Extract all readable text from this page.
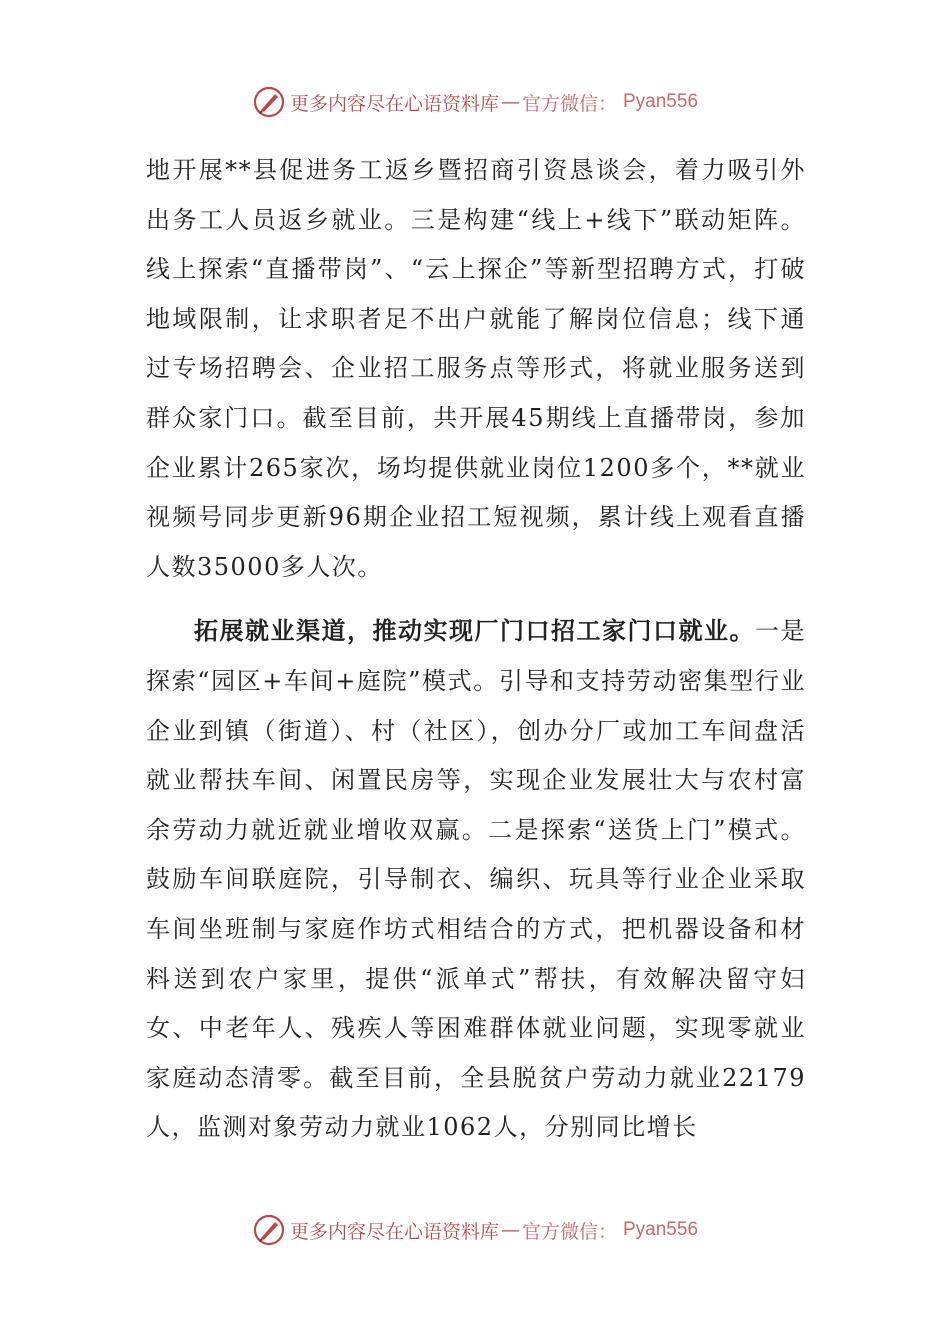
更多内容尽在心语资料库 — 官方微信： Pyan556

地开展**县促进务工返乡暨招商引资恳谈会，着力吸引外出务工人员返乡就业。三是构建“线上+线下”联动矩阵。线上探索“直播带岗”、“云上探企”等新型招聘方式，打破地域限制，让求职者足不出户就能了解岗位信息；线下通过专场招聘会、企业招工服务点等形式，将就业服务送到群众家门口。截至目前，共开展45期线上直播带岗，参加企业累计265家次，场均提供就业岗位1200多个，**就业视频号同步更新96期企业招工短视频，累计线上观看直播人数35000多人次。

拓展就业渠道，推动实现厂门口招工家门口就业。一是探索“园区+车间+庭院”模式。引导和支持劳动密集型行业企业到镇（街道）、村（社区），创办分厂或加工车间盘活就业帮扶车间、闲置民房等，实现企业发展壮大与农村富余劳动力就近就业增收双赢。二是探索“送货上门”模式。鼓励车间联庭院，引导制衣、编织、玩具等行业企业采取车间坐班制与家庭作坊式相结合的方式，把机器设备和材料送到农户家里，提供“派单式”帮扶，有效解决留守妇女、中老年人、残疾人等困难群体就业问题，实现零就业家庭动态清零。截至目前，全县脱贫户劳动力就业22179人，监测对象劳动力就业1062人，分别同比增长

更多内容尽在心语资料库 — 官方微信： Pyan556
